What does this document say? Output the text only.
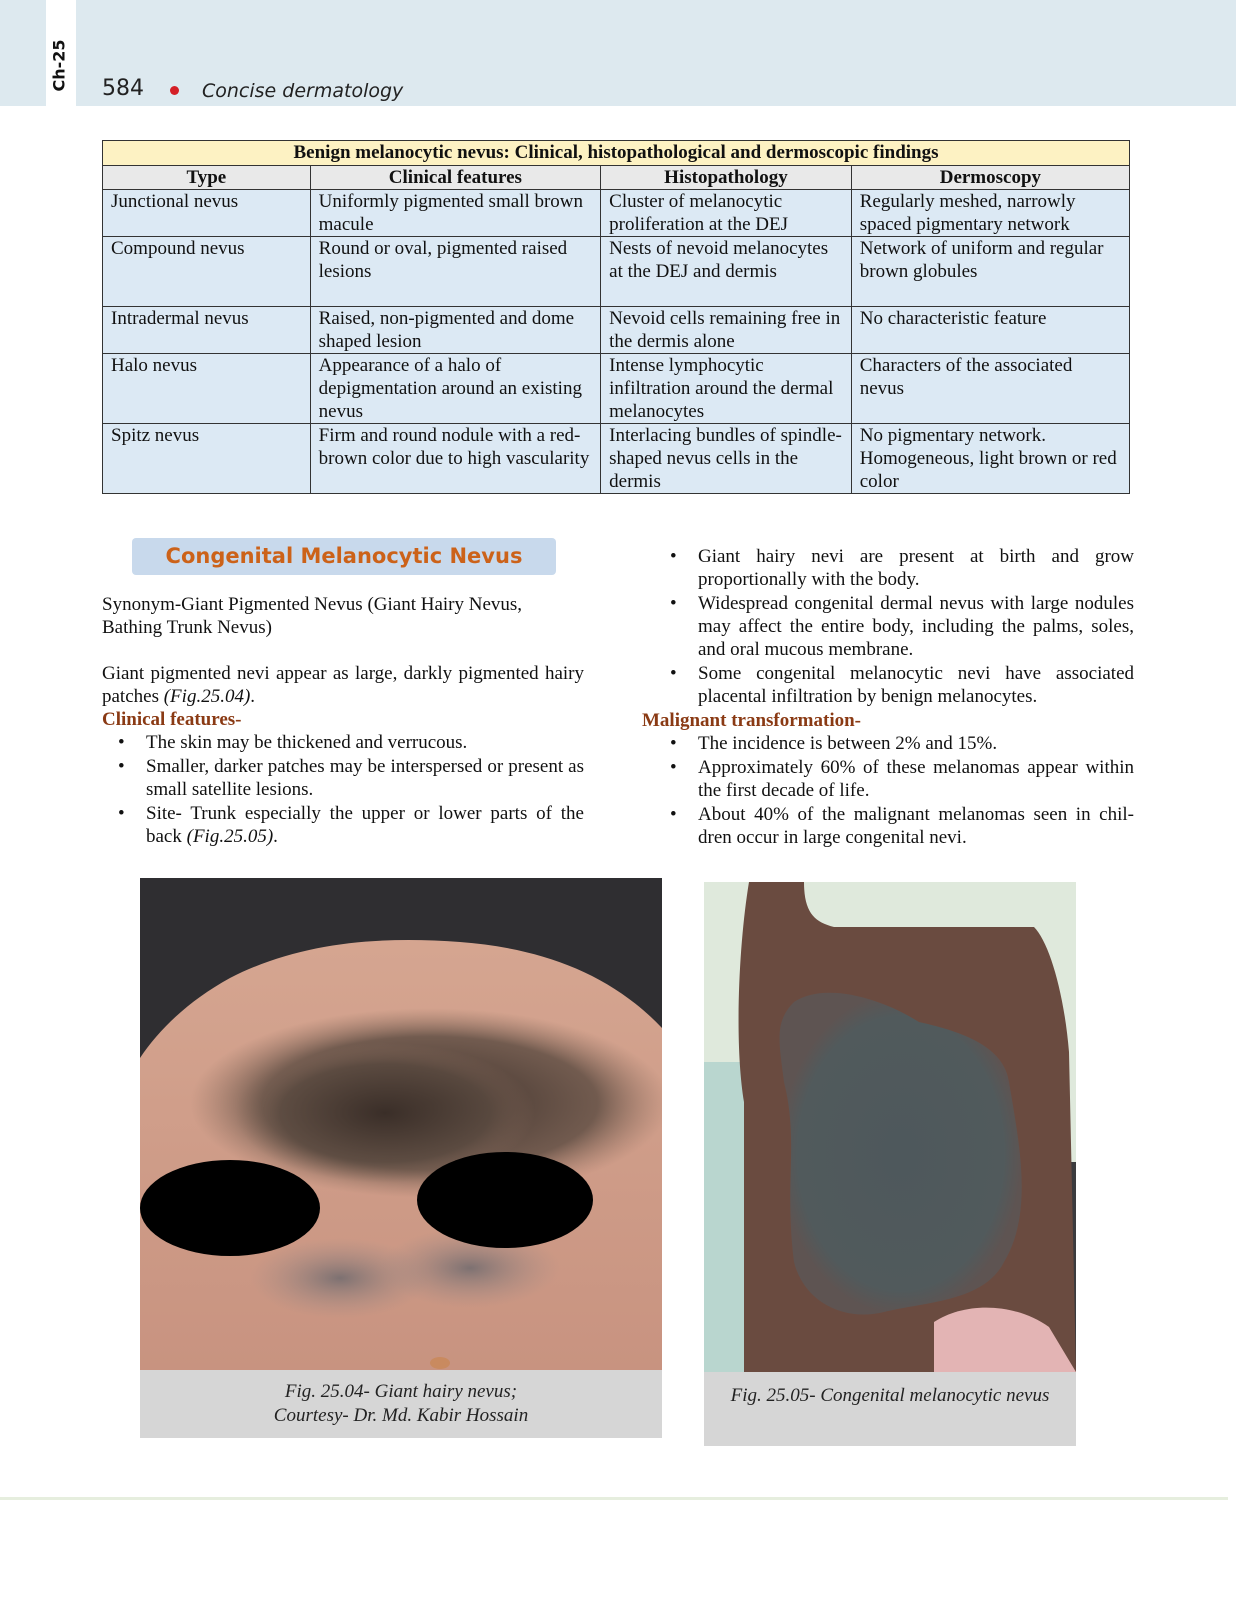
Ch-25 584	Concise dermatology
Benign melanocytic nevus: Clinical, histopathological and dermoscopic findings			
Type	Clinical features	Histopathology	Dermoscopy
Junctional nevus	Uniformly pigmented small brown macule	Cluster of melanocytic proliferation at the DEJ	Regularly meshed, narrowly spaced pigmentary network
Compound nevus	Round or oval, pigmented raised lesions	Nests of nevoid melanocytes at the DEJ and dermis	Network of uniform and regular brown globules
Intradermal nevus	Raised, non-pigmented and dome shaped lesion	Nevoid cells remaining free in the dermis alone	No characteristic feature
Halo nevus	Appearance of a halo of depigmentation around an existing nevus	Intense lymphocytic infiltration around the dermal melanocytes	Characters of the associated nevus
Spitz nevus	Firm and round nodule with a red-brown color due to high vascularity	Interlacing bundles of spindle-shaped nevus cells in the dermis	No pigmentary network. Homogeneous, light brown or red color
Congenital Melanocytic Nevus

Synonym-Giant Pigmented Nevus (Giant Hairy Nevus, Bathing Trunk Nevus)

Giant pigmented nevi appear as large, darkly pigmented hairy patches (Fig.25.04).

Clinical features-

• The skin may be thickened and verrucous.
• Smaller, darker patches may be interspersed or present as small satellite lesions.
• Site- Trunk especially the upper or lower parts of the back (Fig.25.05).
• Giant hairy nevi are present at birth and grow proportionally with the body.
• Widespread congenital dermal nevus with large nodules may affect the entire body, including the palms, soles, and oral mucous membrane.
• Some congenital melanocytic nevi have associated placental infiltration by benign melanocytes.

Malignant transformation-

• The incidence is between 2% and 15%.
• Approximately 60% of these melanomas appear within the first decade of life.
• About 40% of the malignant melanomas seen in chil-dren occur in large congenital nevi.
Fig. 25.04- Giant hairy nevus;
Courtesy- Dr. Md. Kabir Hossain
Fig. 25.05- Congenital melanocytic nevus
